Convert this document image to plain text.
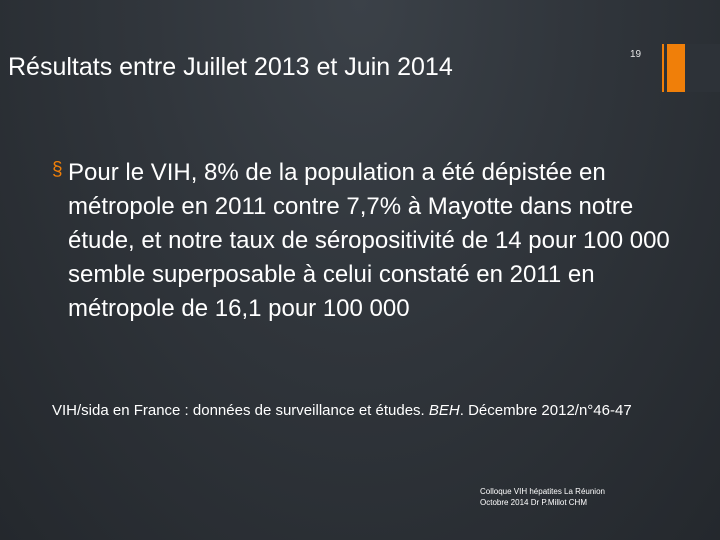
Résultats entre Juillet 2013 et Juin 2014	19
§ Pour le VIH, 8% de la population a été dépistée en métropole en 2011 contre 7,7% à Mayotte dans notre étude, et notre taux de séropositivité de 14 pour 100 000 semble superposable à celui constaté en 2011 en métropole de 16,1 pour 100 000
VIH/sida en France : données de surveillance et études. BEH. Décembre 2012/n°46-47
Colloque VIH hépatites La Réunion
Octobre 2014 Dr P.Millot CHM
